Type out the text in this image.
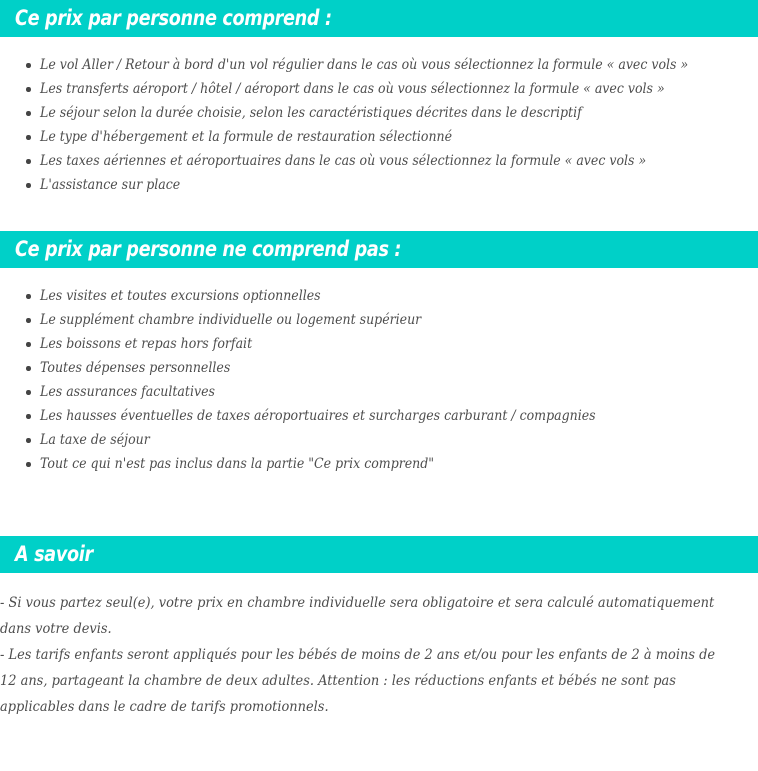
Ce prix par personne comprend :
Le vol Aller / Retour à bord d'un vol régulier dans le cas où vous sélectionnez la formule « avec vols »
Les transferts aéroport / hôtel / aéroport dans le cas où vous sélectionnez la formule « avec vols »
Le séjour selon la durée choisie, selon les caractéristiques décrites dans le descriptif
Le type d'hébergement et la formule de restauration sélectionné
Les taxes aériennes et aéroportuaires dans le cas où vous sélectionnez la formule « avec vols »
L'assistance sur place
Ce prix par personne ne comprend pas :
Les visites et toutes excursions optionnelles
Le supplément chambre individuelle ou logement supérieur
Les boissons et repas hors forfait
Toutes dépenses personnelles
Les assurances facultatives
Les hausses éventuelles de taxes aéroportuaires et surcharges carburant / compagnies
La taxe de séjour
Tout ce qui n'est pas inclus dans la partie "Ce prix comprend"
A savoir

- Si vous partez seul(e), votre prix en chambre individuelle sera obligatoire et sera calculé automatiquement dans votre devis.

- Les tarifs enfants seront appliqués pour les bébés de moins de 2 ans et/ou pour les enfants de 2 à moins de 12 ans, partageant la chambre de deux adultes. Attention : les réductions enfants et bébés ne sont pas applicables dans le cadre de tarifs promotionnels.
